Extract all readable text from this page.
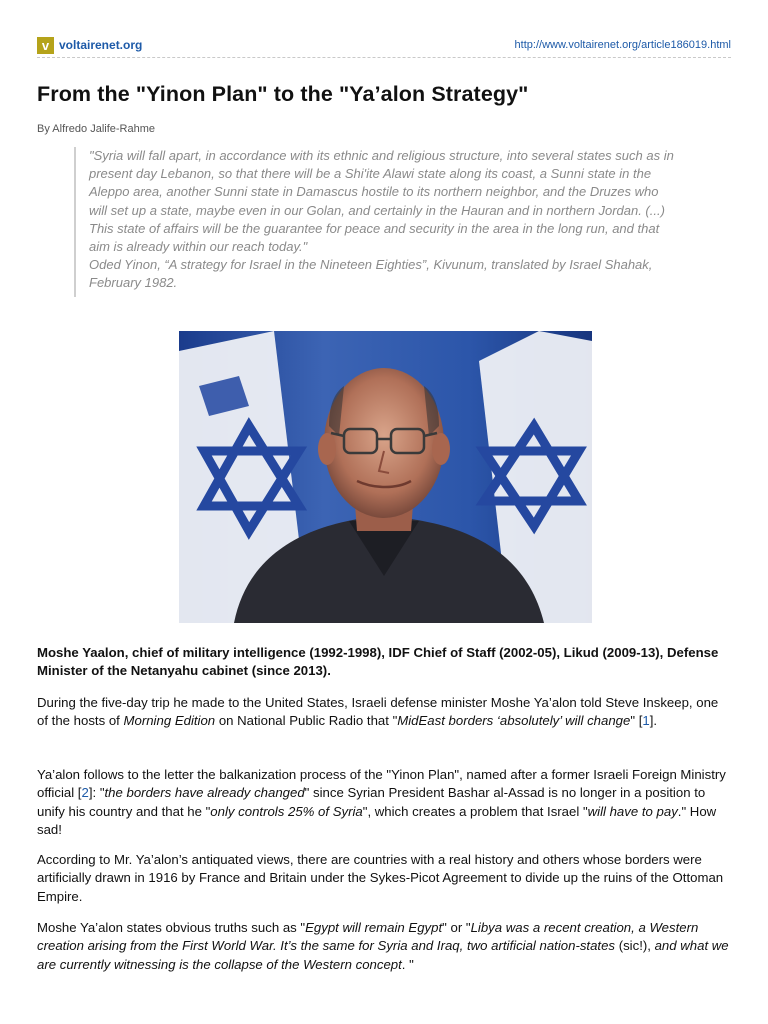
v voltairenet.org	http://www.voltairenet.org/article186019.html
From the "Yinon Plan" to the "Ya’alon Strategy"
By Alfredo Jalife-Rahme

"Syria will fall apart, in accordance with its ethnic and religious structure, into several states such as in present day Lebanon, so that there will be a Shi'ite Alawi state along its coast, a Sunni state in the Aleppo area, another Sunni state in Damascus hostile to its northern neighbor, and the Druzes who will set up a state, maybe even in our Golan, and certainly in the Hauran and in northern Jordan. (...) This state of affairs will be the guarantee for peace and security in the area in the long run, and that aim is already within our reach today."

Oded Yinon, “A strategy for Israel in the Nineteen Eighties”, Kivunum, translated by Israel Shahak, February 1982.

Moshe Yaalon, chief of military intelligence (1992-1998), IDF Chief of Staff (2002-05), Likud (2009-13), Defense Minister of the Netanyahu cabinet (since 2013).

During the five-day trip he made to the United States, Israeli defense minister Moshe Ya’alon told Steve Inskeep, one of the hosts of Morning Edition on National Public Radio that "MidEast borders ‘absolutely’ will change" [1].

Ya’alon follows to the letter the balkanization process of the "Yinon Plan", named after a former Israeli Foreign Ministry official [2]: "the borders have already changed" since Syrian President Bashar al-Assad is no longer in a position to unify his country and that he "only controls 25% of Syria", which creates a problem that Israel "will have to pay." How sad!

According to Mr. Ya’alon’s antiquated views, there are countries with a real history and others whose borders were artificially drawn in 1916 by France and Britain under the Sykes-Picot Agreement to divide up the ruins of the Ottoman Empire.

Moshe Ya’alon states obvious truths such as "Egypt will remain Egypt" or "Libya was a recent creation, a Western creation arising from the First World War. It’s the same for Syria and Iraq, two artificial nation-states (sic!), and what we are currently witnessing is the collapse of the Western concept. "
